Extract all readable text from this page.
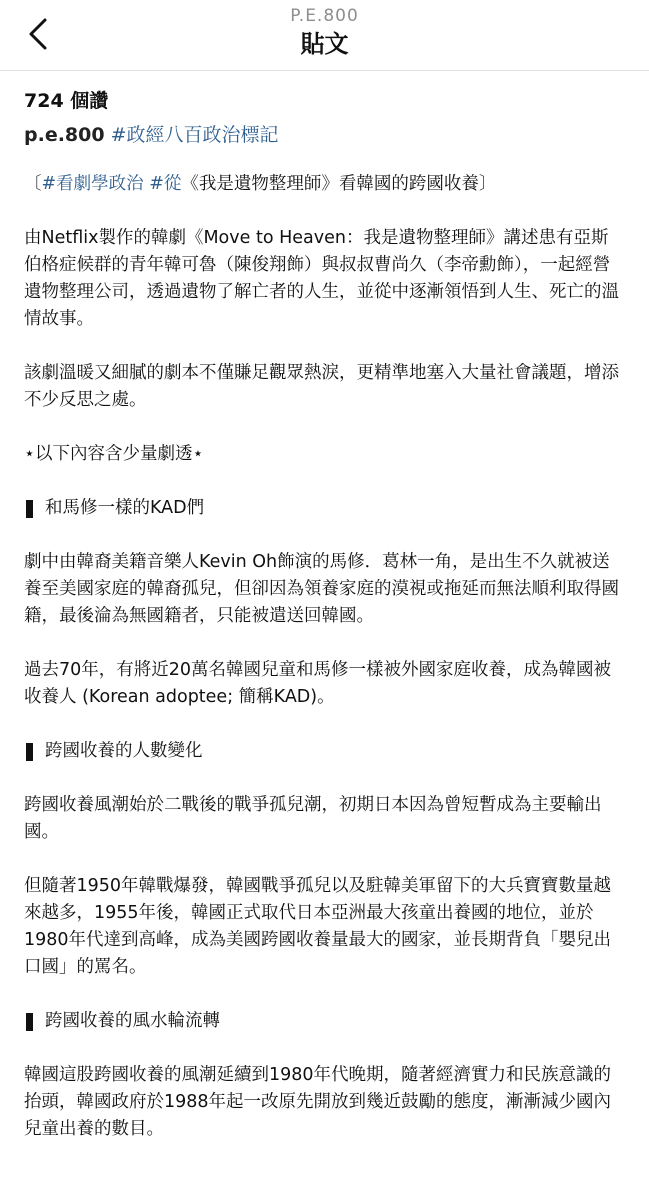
P.E.800
貼文
724 個讚
p.e.800 #政經八百政治標記

〔#看劇學政治 #從《我是遺物整理師》看韓國的跨國收養〕

由Netflix製作的韓劇《Move to Heaven：我是遺物整理師》講述患有亞斯伯格症候群的青年韓可魯（陳俊翔飾）與叔叔曹尚久（李帝勳飾），一起經營遺物整理公司，透過遺物了解亡者的人生，並從中逐漸領悟到人生、死亡的溫情故事。

該劇溫暖又細膩的劇本不僅賺足觀眾熱淚，更精準地塞入大量社會議題，增添不少反思之處。

⋆以下內容含少量劇透⋆

和馬修一樣的KAD們

劇中由韓裔美籍音樂人Kevin Oh飾演的馬修．葛林一角，是出生不久就被送養至美國家庭的韓裔孤兒，但卻因為領養家庭的漠視或拖延而無法順利取得國籍，最後淪為無國籍者，只能被遣送回韓國。

過去70年，有將近20萬名韓國兒童和馬修一樣被外國家庭收養，成為韓國被收養人 (Korean adoptee; 簡稱KAD)。

跨國收養的人數變化

跨國收養風潮始於二戰後的戰爭孤兒潮，初期日本因為曾短暫成為主要輸出國。

但隨著1950年韓戰爆發，韓國戰爭孤兒以及駐韓美軍留下的大兵寶寶數量越來越多，1955年後，韓國正式取代日本亞洲最大孩童出養國的地位，並於1980年代達到高峰，成為美國跨國收養量最大的國家，並長期背負「嬰兒出口國」的罵名。

跨國收養的風水輪流轉

韓國這股跨國收養的風潮延續到1980年代晚期，隨著經濟實力和民族意識的抬頭，韓國政府於1988年起一改原先開放到幾近鼓勵的態度，漸漸減少國內兒童出養的數目。
